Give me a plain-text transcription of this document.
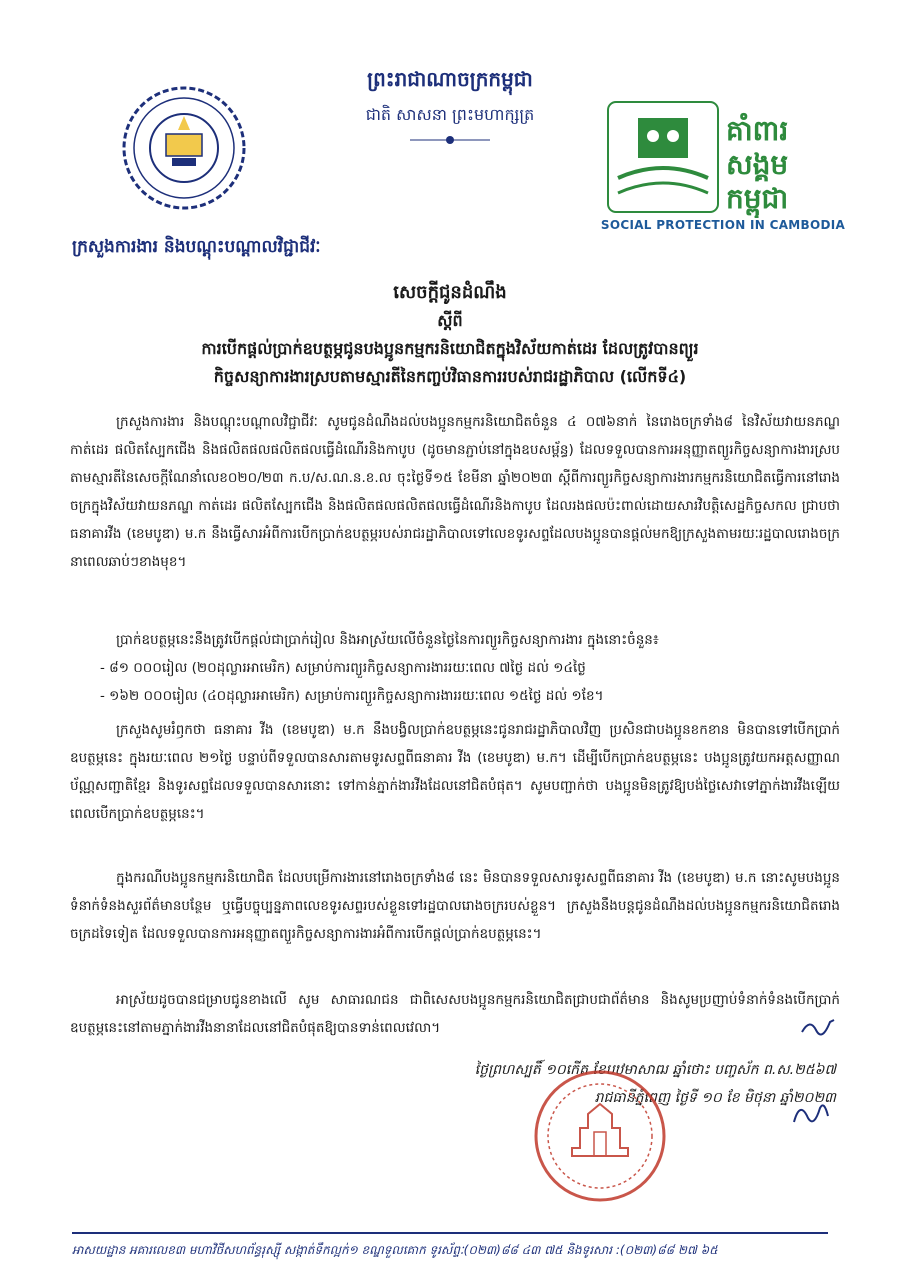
ព្រះរាជាណាចក្រកម្ពុជា
ជាតិ សាសនា ព្រះមហាក្សត្រ	គាំពារ
សង្គម
កម្ពុជា
SOCIAL PROTECTION IN CAMBODIA
ក្រសួងការងារ និងបណ្តុះបណ្តាលវិជ្ជាជីវៈ
សេចក្តីជូនដំណឹង
ស្តីពី
ការបើកផ្តល់ប្រាក់ឧបត្ថម្ភជូនបងប្អូនកម្មករនិយោជិតក្នុងវិស័យកាត់ដេរ ដែលត្រូវបានព្យួរ
កិច្ចសន្យាការងារស្របតាមស្មារតីនៃកញ្ចប់វិធានការរបស់រាជរដ្ឋាភិបាល (លើកទី៤)

ក្រសួងការងារ និងបណ្តុះបណ្តាលវិជ្ជាជីវៈ សូមជូនដំណឹងដល់បងប្អូនកម្មករនិយោជិតចំនួន ៤ ០៧៦នាក់ នៃរោងចក្រទាំង៨ នៃវិស័យវាយនភណ្ឌ កាត់ដេរ ផលិតស្បែកជើង និងផលិតផលផលិតផលធ្វើដំណើរនិងកាបូប (ដូចមានភ្ជាប់នៅក្នុងឧបសម្ព័ន្ធ) ដែលទទួលបានការអនុញ្ញាតព្យួរកិច្ចសន្យាការងារស្របតាមស្មារតីនៃសេចក្តីណែនាំលេខ០២០/២៣ ក.ប/ស.ណ.ន.ខ.ល ចុះថ្ងៃទី១៥ ខែមីនា ឆ្នាំ២០២៣ ស្តីពីការព្យួរកិច្ចសន្យាការងារកម្មករនិយោជិតធ្វើការនៅរោងចក្រក្នុងវិស័យវាយនភណ្ឌ កាត់ដេរ ផលិតស្បែកជើង និងផលិតផលផលិតផលធ្វើដំណើរនិងកាបូប ដែលរងផលប៉ះពាល់ដោយសារវិបត្តិសេដ្ឋកិច្ចសកល ជ្រាបថា ធនាគារវីង (ខេមបូឌា) ម.ក នឹងធ្វើសារអំពីការបើកប្រាក់ឧបត្ថម្ភរបស់រាជរដ្ឋាភិបាលទៅលេខទូរសព្ទដែលបងប្អូនបានផ្តល់មកឱ្យក្រសួងតាមរយៈរដ្ឋបាលរោងចក្រ នាពេលឆាប់ៗខាងមុខ។

ប្រាក់ឧបត្ថម្ភនេះនឹងត្រូវបើកផ្តល់ជាប្រាក់រៀល និងអាស្រ័យលើចំនួនថ្ងៃនៃការព្យួរកិច្ចសន្យាការងារ ក្នុងនោះចំនួន៖

- ៨១ ០០០រៀល (២០ដុល្លារអាមេរិក) សម្រាប់ការព្យួរកិច្ចសន្យាការងាររយៈពេល ៧ថ្ងៃ ដល់ ១៤ថ្ងៃ

- ១៦២ ០០០រៀល (៤០ដុល្លារអាមេរិក) សម្រាប់ការព្យួរកិច្ចសន្យាការងាររយៈពេល ១៥ថ្ងៃ ដល់ ១ខែ។

ក្រសួងសូមរំឭកថា ធនាគារ វីង (ខេមបូឌា) ម.ក នឹងបង្វិលប្រាក់ឧបត្ថម្ភនេះជូនរាជរដ្ឋាភិបាលវិញ ប្រសិនជាបងប្អូនខកខាន មិនបានទៅបើកប្រាក់ឧបត្ថម្ភនេះ ក្នុងរយៈពេល ២១ថ្ងៃ បន្ទាប់ពីទទួលបានសារតាមទូរសព្ទពីធនាគារ វីង (ខេមបូឌា) ម.ក។ ដើម្បីបើកប្រាក់ឧបត្ថម្ភនេះ បងប្អូនត្រូវយកអត្តសញ្ញាណប័ណ្ណសញ្ជាតិខ្មែរ និងទូរសព្ទដែលទទួលបានសារនោះ ទៅកាន់ភ្នាក់ងារវីងដែលនៅជិតបំផុត។ សូមបញ្ជាក់ថា បងប្អូនមិនត្រូវឱ្យបង់ថ្លៃសេវាទៅភ្នាក់ងារវីងឡើយពេលបើកប្រាក់ឧបត្ថម្ភនេះ។

ក្នុងករណីបងប្អូនកម្មករនិយោជិត ដែលបម្រើការងារនៅរោងចក្រទាំង៨ នេះ មិនបានទទួលសារទូរសព្ទពីធនាគារ វីង (ខេមបូឌា) ម.ក នោះសូមបងប្អូនទំនាក់ទំនងសួរព័ត៌មានបន្ថែម ឬធ្វើបច្ចុប្បន្នភាពលេខទូរសព្ទរបស់ខ្លួនទៅរដ្ឋបាលរោងចក្ររបស់ខ្លួន។ ក្រសួងនឹងបន្តជូនដំណឹងដល់បងប្អូនកម្មករនិយោជិតរោងចក្រដទៃទៀត ដែលទទួលបានការអនុញ្ញាតព្យួរកិច្ចសន្យាការងារអំពីការបើកផ្តល់ប្រាក់ឧបត្ថម្ភនេះ។

អាស្រ័យដូចបានជម្រាបជូនខាងលើ សូម សាធារណជន ជាពិសេសបងប្អូនកម្មករនិយោជិតជ្រាបជាព័ត៌មាន និងសូមប្រញាប់ទំនាក់ទំនងបើកប្រាក់ឧបត្ថម្ភនេះនៅតាមភ្នាក់ងារវីងនានាដែលនៅជិតបំផុតឱ្យបានទាន់ពេលវេលា។

ថ្ងៃព្រហស្បតិ៍ ១០កើត ខែបឋមាសាឍ ឆ្នាំថោះ បញ្ចស័ក ព.ស.២៥៦៧
រាជធានីភ្នំពេញ ថ្ងៃទី ១០ ខែ មិថុនា ឆ្នាំ២០២៣
អាសយដ្ឋាន អគារលេខ៣ មហាវិថីសហព័ន្ធរុស្ស៊ី សង្កាត់ទឹកល្អក់១ ខណ្ឌទួលគោក ទូរស័ព្ទៈ(០២៣)៨៨ ៤៣ ៧៥ និងទូរសារ :(០២៣)៨៨ ២៧ ៦៥
